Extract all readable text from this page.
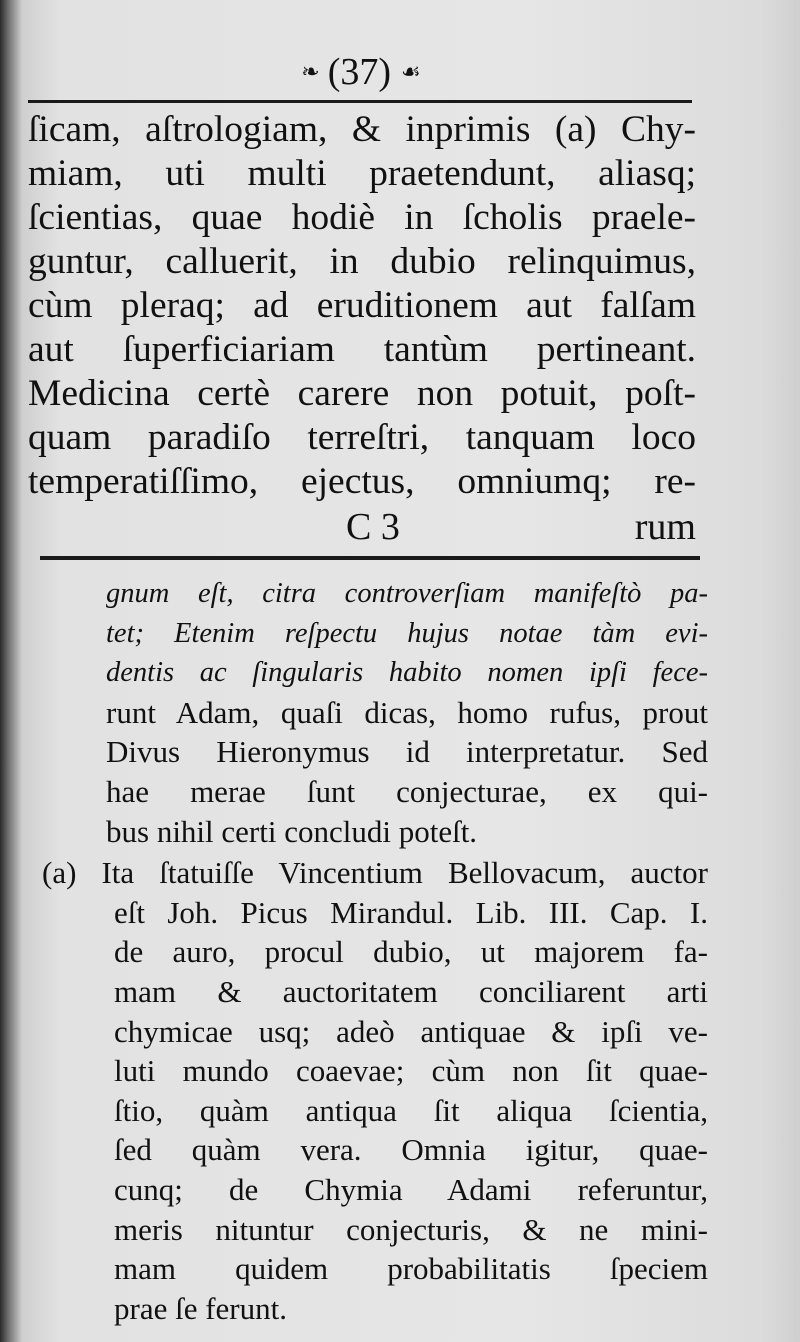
❧ (37) ☙
ſicam, aſtrologiam, & inprimis (a) Chy-
miam, uti multi praetendunt, aliasq;
ſcientias, quae hodiè in ſcholis praele-
guntur, calluerit, in dubio relinquimus,
cùm pleraq; ad eruditionem aut falſam
aut ſuperficiariam tantùm pertineant.
Medicina certè carere non potuit, poſt-
quam paradiſo terreſtri, tanquam loco
temperatiſſimo, ejectus, omniumq; re-
C 3	rum
gnum eſt, citra controverſiam manifeſtò pa-
tet; Etenim reſpectu hujus notae tàm evi-
dentis ac ſingularis habito nomen ipſi fece-
runt Adam, quaſi dicas, homo rufus, prout
Divus Hieronymus id interpretatur. Sed
hae merae ſunt conjecturae, ex qui-
bus nihil certi concludi poteſt.
(a) Ita ſtatuiſſe Vincentium Bellovacum, auctor
eſt Joh. Picus Mirandul. Lib. III. Cap. I.
de auro, procul dubio, ut majorem fa-
mam & auctoritatem conciliarent arti
chymicae usq; adeò antiquae & ipſi ve-
luti mundo coaevae; cùm non ſit quae-
ſtio, quàm antiqua ſit aliqua ſcientia,
ſed quàm vera. Omnia igitur, quae-
cunq; de Chymia Adami referuntur,
meris nituntur conjecturis, & ne mini-
mam quidem probabilitatis ſpeciem
prae ſe ferunt.
